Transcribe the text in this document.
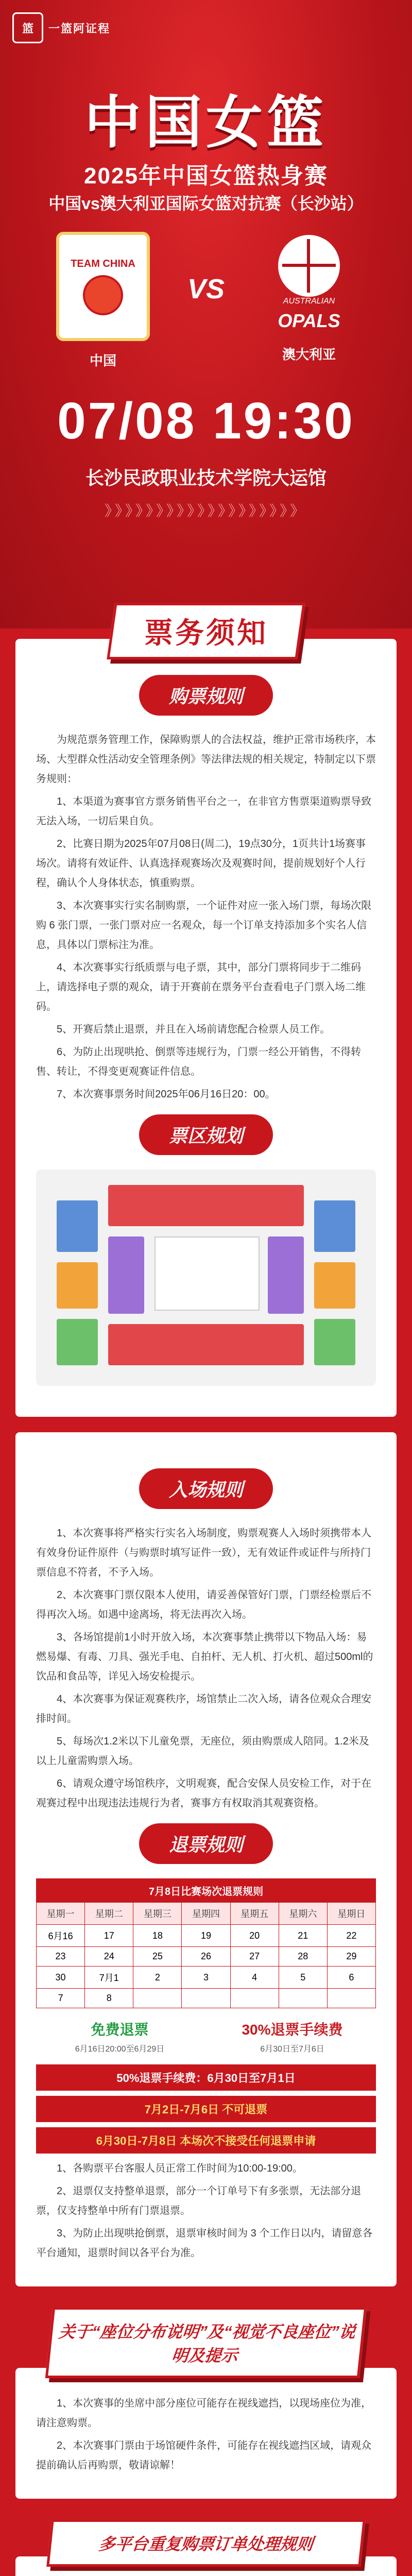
篮	一篮阿证程
中国女篮
2025年中国女篮热身赛
中国vs澳大利亚国际女篮对抗赛（长沙站）
TEAM CHINA
中国
VS	AUSTRALIAN
OPALS
澳大利亚
07/08 19:30
长沙民政职业技术学院大运馆
》》》》》》》》》》》》》》》》》》》
票务须知
购票规则

为规范票务管理工作，保障购票人的合法权益，维护正常市场秩序，本场、大型群众性活动安全管理条例》等法律法规的相关规定，特制定以下票务规则：

1、本渠道为赛事官方票务销售平台之一，在非官方售票渠道购票导致无法入场，一切后果自负。

2、比赛日期为2025年07月08日(周二)，19点30分，1页共计1场赛事场次。请将有效证件、认真选择观赛场次及观赛时间，提前规划好个人行程，确认个人身体状态，慎重购票。

3、本次赛事实行实名制购票，一个证件对应一张入场门票，每场次限购 6 张门票，一张门票对应一名观众，每一个订单支持添加多个实名人信息，具体以门票标注为准。

4、本次赛事实行纸质票与电子票，其中，部分门票将同步于二维码上，请选择电子票的观众，请于开赛前在票务平台查看电子门票入场二维码。

5、开赛后禁止退票，并且在入场前请您配合检票人员工作。

6、为防止出现哄抢、倒票等违规行为，门票一经公开销售，不得转售、转让，不得变更观赛证件信息。

7、本次赛事票务时间2025年06月16日20：00。

票区规划
入场规则

1、本次赛事将严格实行实名入场制度，购票观赛人入场时须携带本人有效身份证件原件（与购票时填写证件一致），无有效证件或证件与所持门票信息不符者，不予入场。

2、本次赛事门票仅限本人使用，请妥善保管好门票，门票经检票后不得再次入场。如遇中途离场，将无法再次入场。

3、各场馆提前1小时开放入场，本次赛事禁止携带以下物品入场：易燃易爆、有毒、刀具、强光手电、自拍杆、无人机、打火机、超过500ml的饮品和食品等，详见入场安检提示。

4、本次赛事为保证观赛秩序，场馆禁止二次入场，请各位观众合理安排时间。

5、每场次1.2米以下儿童免票，无座位，须由购票成人陪同。1.2米及以上儿童需购票入场。

6、请观众遵守场馆秩序，文明观赛，配合安保人员安检工作，对于在观赛过程中出现违法违规行为者，赛事方有权取消其观赛资格。

退票规则
7月8日比赛场次退票规则						
星期一	星期二	星期三	星期四	星期五	星期六	星期日
6月16	17	18	19	20	21	22
23	24	25	26	27	28	29
30	7月1	2	3	4	5	6
7	8					
免费退票
6月16日20:00至6月29日
30%退票手续费
6月30日至7月6日
50%退票手续费：6月30日至7月1日
7月2日-7月6日 不可退票
6月30日-7月8日 本场次不接受任何退票申请

1、各购票平台客服人员正常工作时间为10:00-19:00。

2、退票仅支持整单退票，部分一个订单号下有多张票，无法部分退票，仅支持整单中所有门票退票。

3、为防止出现哄抢倒票，退票审核时间为 3 个工作日以内，请留意各平台通知，退票时间以各平台为准。

关于“座位分布说明”及“视觉不良座位”说明及提示

1、本次赛事的坐席中部分座位可能存在视线遮挡，以现场座位为准，请注意购票。

2、本次赛事门票由于场馆硬件条件，可能存在视线遮挡区域，请观众提前确认后再购票，敬请谅解！

多平台重复购票订单处理规则
